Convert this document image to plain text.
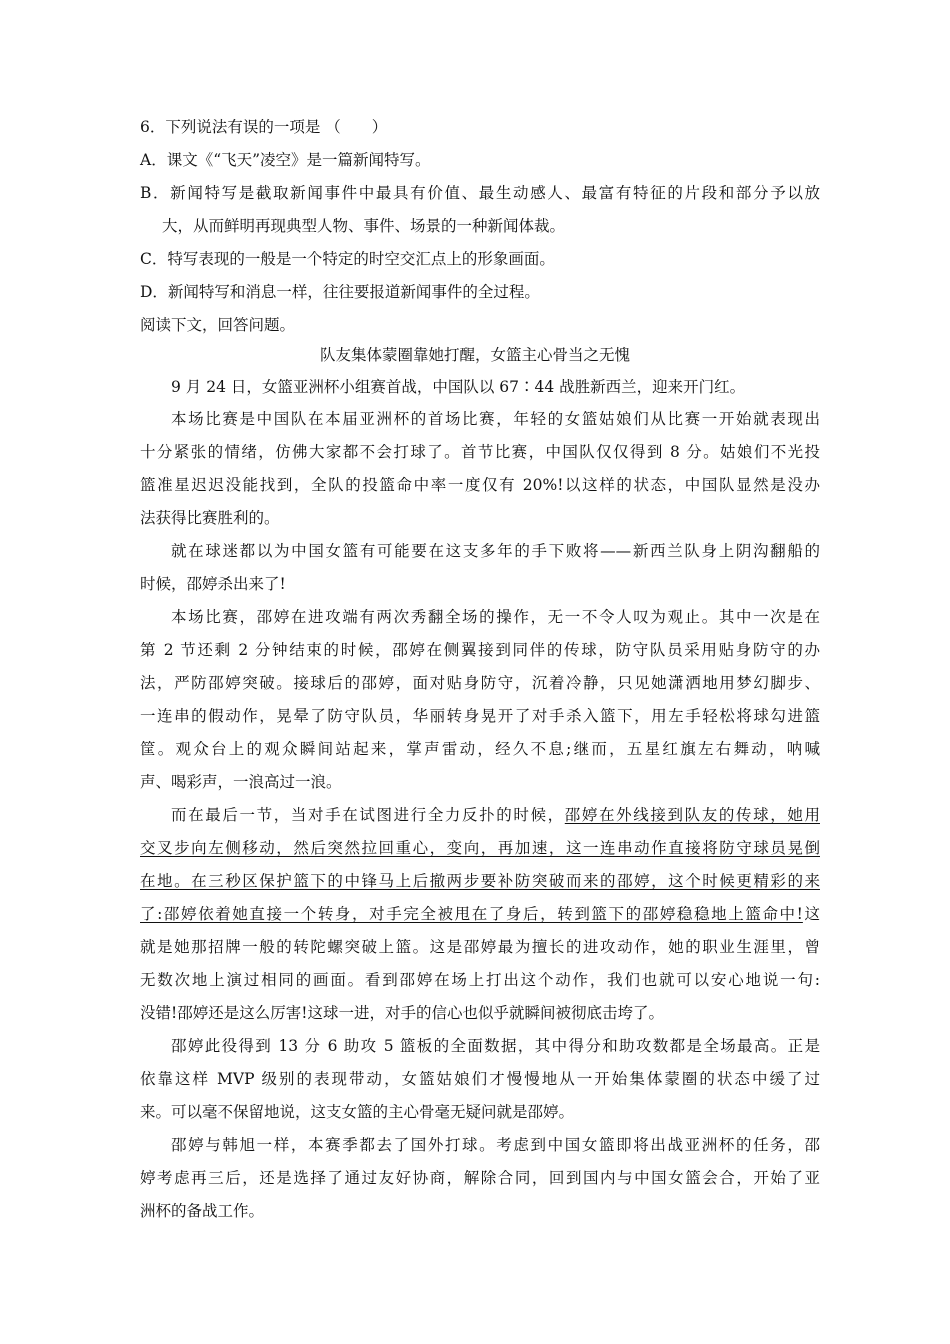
6．下列说法有误的一项是 （　　）
A．课文《“飞天”凌空》是一篇新闻特写。
B．新闻特写是截取新闻事件中最具有价值、最生动感人、最富有特征的片段和部分予以放
大，从而鲜明再现典型人物、事件、场景的一种新闻体裁。
C．特写表现的一般是一个特定的时空交汇点上的形象画面。
D．新闻特写和消息一样，往往要报道新闻事件的全过程。
阅读下文，回答问题。
队友集体蒙圈靠她打醒，女篮主心骨当之无愧
9 月 24 日，女篮亚洲杯小组赛首战，中国队以 67∶44 战胜新西兰，迎来开门红。
本场比赛是中国队在本届亚洲杯的首场比赛，年轻的女篮姑娘们从比赛一开始就表现出
十分紧张的情绪，仿佛大家都不会打球了。首节比赛，中国队仅仅得到 8 分。姑娘们不光投
篮准星迟迟没能找到，全队的投篮命中率一度仅有 20%!以这样的状态，中国队显然是没办
法获得比赛胜利的。
就在球迷都以为中国女篮有可能要在这支多年的手下败将——新西兰队身上阴沟翻船的
时候，邵婷杀出来了!
本场比赛，邵婷在进攻端有两次秀翻全场的操作，无一不令人叹为观止。其中一次是在
第 2 节还剩 2 分钟结束的时候，邵婷在侧翼接到同伴的传球，防守队员采用贴身防守的办
法，严防邵婷突破。接球后的邵婷，面对贴身防守，沉着冷静，只见她潇洒地用梦幻脚步、
一连串的假动作，晃晕了防守队员，华丽转身晃开了对手杀入篮下，用左手轻松将球勾进篮
筐。观众台上的观众瞬间站起来，掌声雷动，经久不息;继而，五星红旗左右舞动，呐喊
声、喝彩声，一浪高过一浪。
而在最后一节，当对手在试图进行全力反扑的时候，邵婷在外线接到队友的传球，她用
交叉步向左侧移动，然后突然拉回重心，变向，再加速，这一连串动作直接将防守球员晃倒
在地。在三秒区保护篮下的中锋马上后撤两步要补防突破而来的邵婷，这个时候更精彩的来
了:邵婷依着她直接一个转身，对手完全被甩在了身后，转到篮下的邵婷稳稳地上篮命中!这
就是她那招牌一般的转陀螺突破上篮。这是邵婷最为擅长的进攻动作，她的职业生涯里，曾
无数次地上演过相同的画面。看到邵婷在场上打出这个动作，我们也就可以安心地说一句:
没错!邵婷还是这么厉害!这球一进，对手的信心也似乎就瞬间被彻底击垮了。
邵婷此役得到 13 分 6 助攻 5 篮板的全面数据，其中得分和助攻数都是全场最高。正是
依靠这样 MVP 级别的表现带动，女篮姑娘们才慢慢地从一开始集体蒙圈的状态中缓了过
来。可以毫不保留地说，这支女篮的主心骨毫无疑问就是邵婷。
邵婷与韩旭一样，本赛季都去了国外打球。考虑到中国女篮即将出战亚洲杯的任务，邵
婷考虑再三后，还是选择了通过友好协商，解除合同，回到国内与中国女篮会合，开始了亚
洲杯的备战工作。
